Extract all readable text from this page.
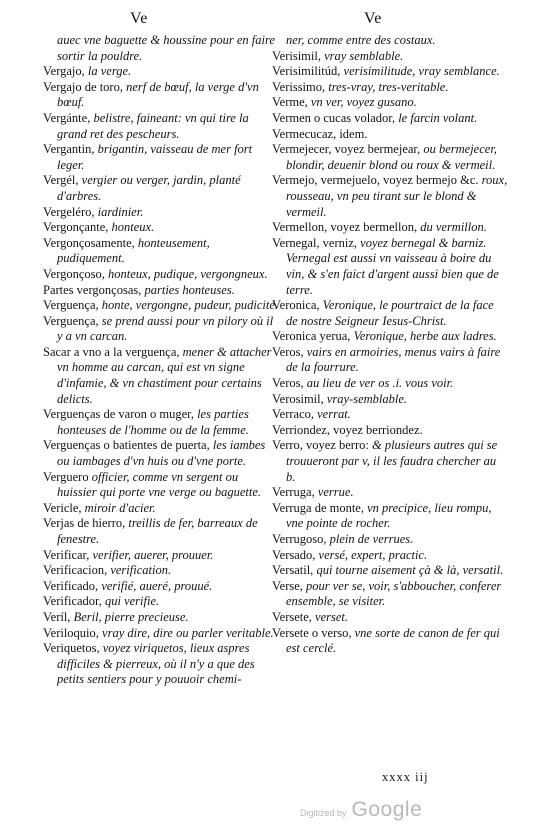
Ve	Ve
auec vne baguette & houssine pour en faire sortir la pouldre.
Vergajo, la verge.
Vergajo de toro, nerf de bœuf, la verge d'vn bœuf.
Vergánte, belistre, faineant: vn qui tire la grand ret des pescheurs.
Vergantin, brigantin, vaisseau de mer fort leger.
Vergél, vergier ou verger, jardin, planté d'arbres.
Vergeléro, iardinier.
Vergonçante, honteux.
Vergonçosamente, honteusement, pudiquement.
Vergonçoso, honteux, pudique, vergongneux.
Partes vergonçosas, parties honteuses.
Verguença, honte, vergongne, pudeur, pudicité.
Verguença, se prend aussi pour vn pilory où il y a vn carcan.
Sacar a vno a la verguença, mener & attacher vn homme au carcan, qui est vn signe d'infamie, & vn chastiment pour certains delicts.
Verguenças de varon o muger, les parties honteuses de l'homme ou de la femme.
Verguenças o batientes de puerta, les iambes ou iambages d'vn huis ou d'vne porte.
Verguero officier, comme vn sergent ou huissier qui porte vne verge ou baguette.
Vericle, miroir d'acier.
Verjas de hierro, treillis de fer, barreaux de fenestre.
Verificar, verifier, auerer, prouuer.
Verificacion, verification.
Verificado, verifié, aueré, prouué.
Verificador, qui verifie.
Veríl, Beril, pierre precieuse.
Veriloquio, vray dire, dire ou parler veritable.
Veriquetos, voyez viriquetos, lieux aspres difficiles & pierreux, où il n'y a que des petits sentiers pour y pouuoir chemi-
ner, comme entre des costaux.
Verisimil, vray semblable.
Verisimilitúd, verisimilitude, vray semblance.
Verissimo, tres-vray, tres-veritable.
Verme, vn ver, voyez gusano.
Vermen o cucas volador, le farcin volant.
Vermecucaz, idem.
Vermejecer, voyez bermejear, ou bermejecer, blondir, deuenir blond ou roux & vermeil.
Vermejo, vermejuelo, voyez bermejo &c. roux, rousseau, vn peu tirant sur le blond & vermeil.
Vermellon, voyez bermellon, du vermillon.
Vernegal, verniz, voyez bernegal & barniz. Vernegal est aussi vn vaisseau à boire du vin, & s'en faict d'argent aussi bien que de terre.
Veronica, Veronique, le pourtraict de la face de nostre Seigneur Iesus-Christ.
Veronica yerua, Veronique, herbe aux ladres.
Veros, vairs en armoiries, menus vairs à faire de la fourrure.
Veros, au lieu de ver os .i. vous voir.
Verosimil, vray-semblable.
Verraco, verrat.
Verriondez, voyez berriondez.
Verro, voyez berro: & plusieurs autres qui se trouueront par v, il les faudra chercher au b.
Verruga, verrue.
Verruga de monte, vn precipice, lieu rompu, vne pointe de rocher.
Verrugoso, plein de verrues.
Versado, versé, expert, practic.
Versatil, qui tourne aisement çà & là, versatil.
Verse, pour ver se, voir, s'abboucher, conferer ensemble, se visiter.
Versete, verset.
Versete o verso, vne sorte de canon de fer qui est cerclé.
xxxx iij
Digitized by Google
